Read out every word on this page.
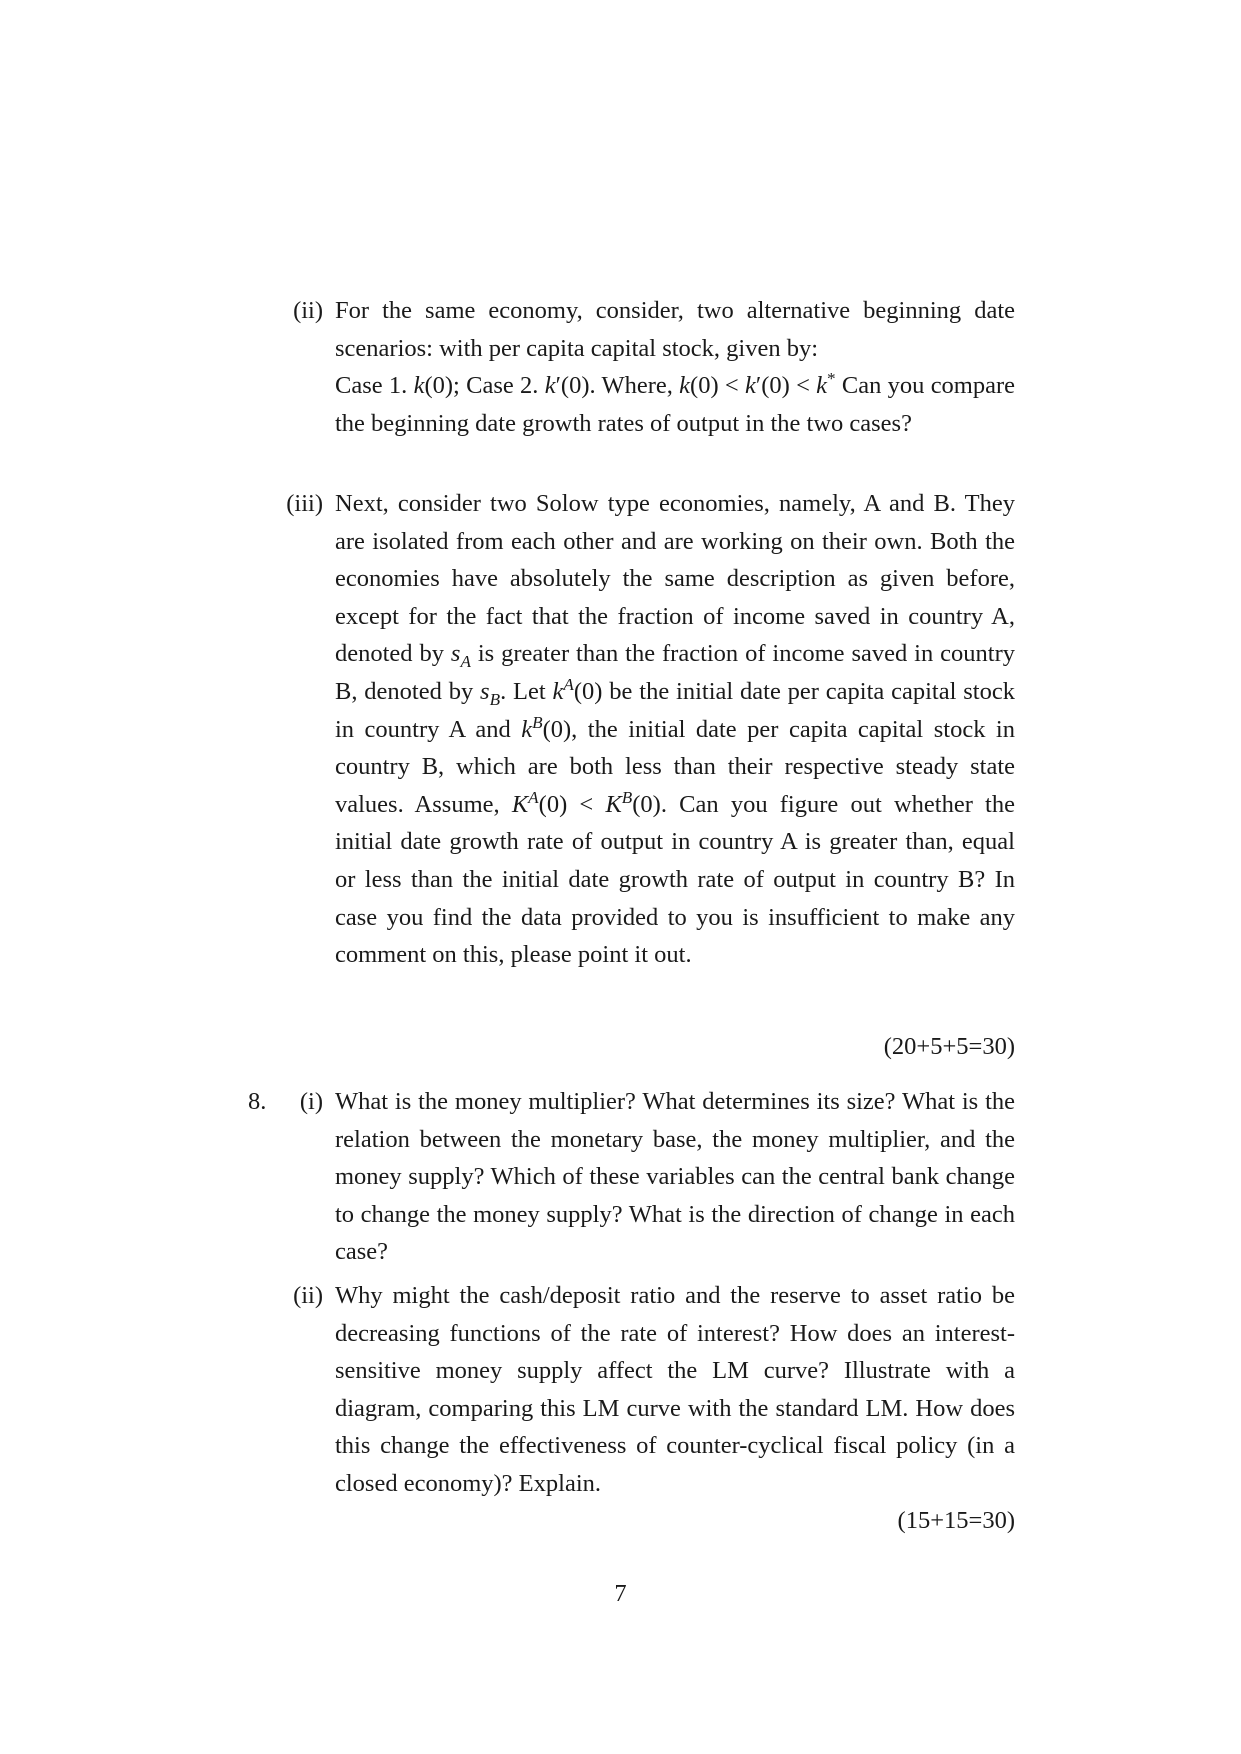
(ii) For the same economy, consider, two alternative beginning date scenarios: with per capita capital stock, given by:
Case 1. k(0); Case 2. k′(0). Where, k(0) < k′(0) < k* Can you compare the beginning date growth rates of output in the two cases?
(iii) Next, consider two Solow type economies, namely, A and B. They are isolated from each other and are working on their own. Both the economies have absolutely the same description as given before, except for the fact that the fraction of income saved in country A, denoted by $s_A$ is greater than the fraction of income saved in country B, denoted by $s_B$. Let $k^A(0)$ be the initial date per capita capital stock in country A and $k^B(0)$, the initial date per capita capital stock in country B, which are both less than their respective steady state values. Assume, $K^A(0) < K^B(0)$. Can you figure out whether the initial date growth rate of output in country A is greater than, equal or less than the initial date growth rate of output in country B? In case you find the data provided to you is insufficient to make any comment on this, please point it out.
(20+5+5=30)
8. (i) What is the money multiplier? What determines its size? What is the relation between the monetary base, the money multiplier, and the money supply? Which of these variables can the central bank change to change the money supply? What is the direction of change in each case?
(ii) Why might the cash/deposit ratio and the reserve to asset ratio be decreasing functions of the rate of interest? How does an interest-sensitive money supply affect the LM curve? Illustrate with a diagram, comparing this LM curve with the standard LM. How does this change the effectiveness of counter-cyclical fiscal policy (in a closed economy)? Explain.
(15+15=30)
7
